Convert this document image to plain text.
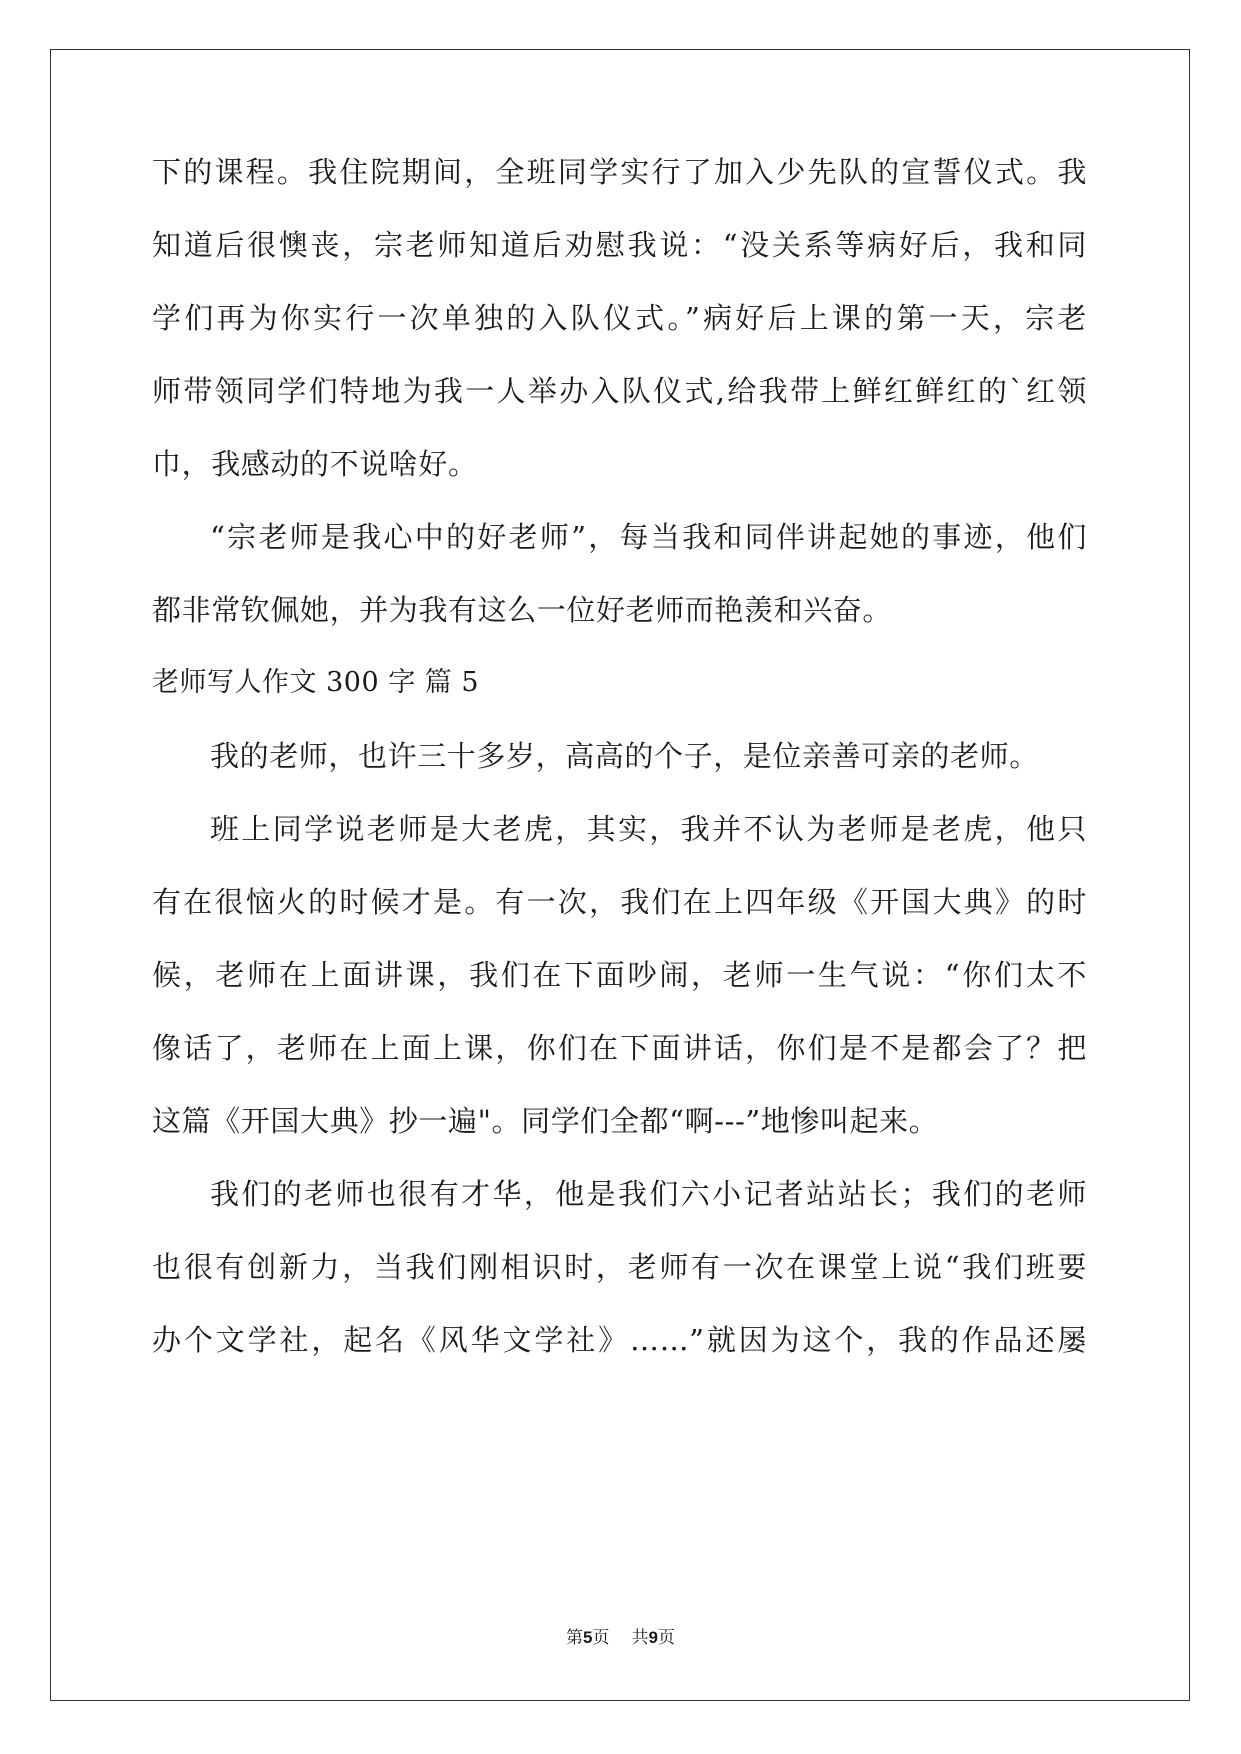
下的课程。我住院期间，全班同学实行了加入少先队的宣誓仪式。我
知道后很懊丧，宗老师知道后劝慰我说：“没关系等病好后，我和同
学们再为你实行一次单独的入队仪式。”病好后上课的第一天，宗老
师带领同学们特地为我一人举办入队仪式,给我带上鲜红鲜红的`红领
巾，我感动的不说啥好。
“宗老师是我心中的好老师”，每当我和同伴讲起她的事迹，他们
都非常钦佩她，并为我有这么一位好老师而艳羡和兴奋。
老师写人作文 300 字 篇 5
我的老师，也许三十多岁，高高的个子，是位亲善可亲的老师。
班上同学说老师是大老虎，其实，我并不认为老师是老虎，他只
有在很恼火的时候才是。有一次，我们在上四年级《开国大典》的时
候，老师在上面讲课，我们在下面吵闹，老师一生气说：“你们太不
像话了，老师在上面上课，你们在下面讲话，你们是不是都会了？把
这篇《开国大典》抄一遍"。同学们全都“啊---”地惨叫起来。
我们的老师也很有才华，他是我们六小记者站站长；我们的老师
也很有创新力，当我们刚相识时，老师有一次在课堂上说“我们班要
办个文学社，起名《风华文学社》……”就因为这个，我的作品还屡
第5页 共9页
